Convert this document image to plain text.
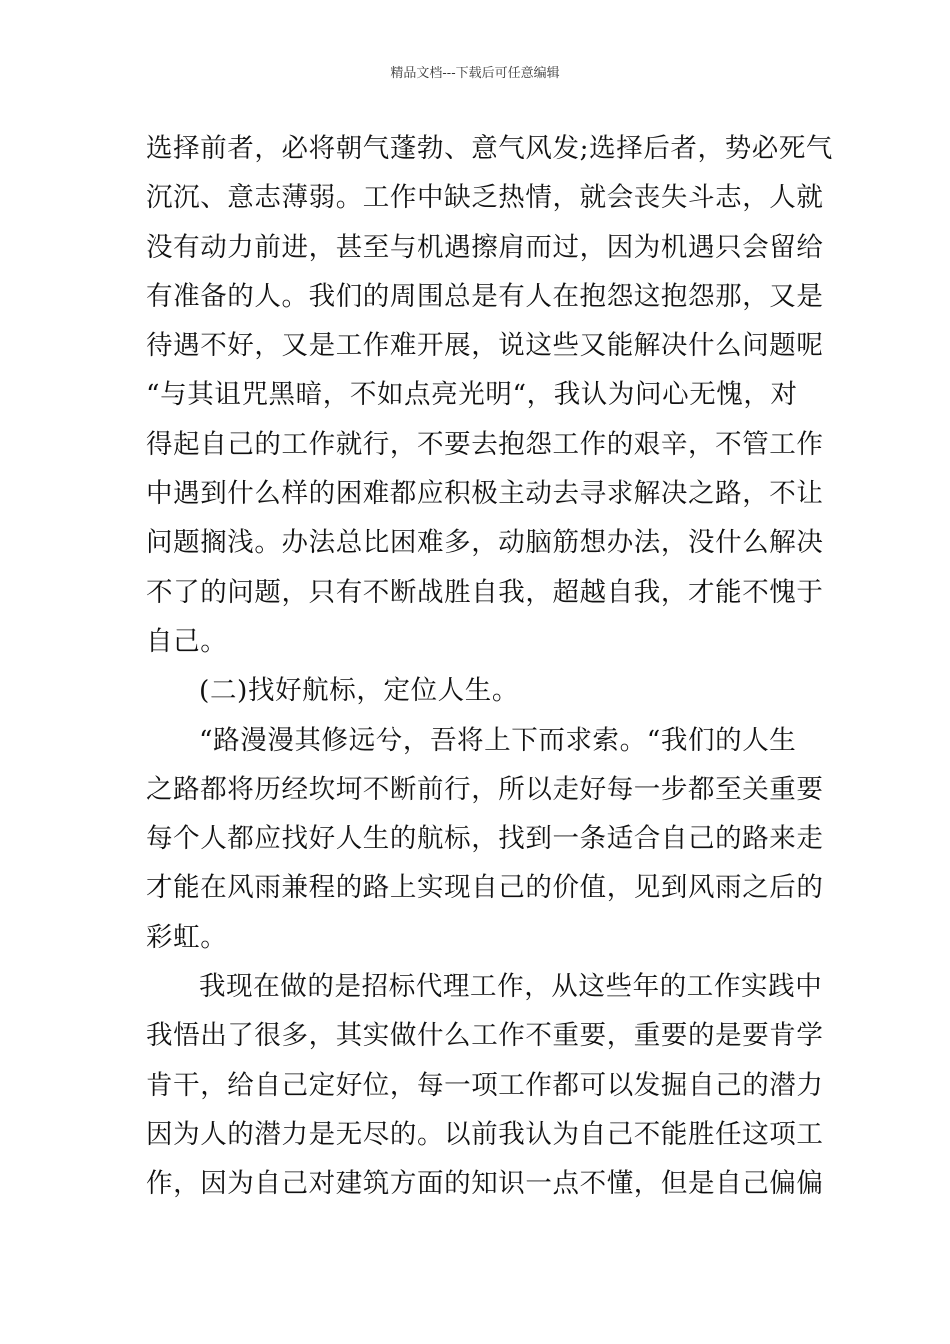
精品文档---下载后可任意编辑
选择前者，必将朝气蓬勃、意气风发;选择后者，势必死气
沉沉、意志薄弱。工作中缺乏热情，就会丧失斗志，人就
没有动力前进，甚至与机遇擦肩而过，因为机遇只会留给
有准备的人。我们的周围总是有人在抱怨这抱怨那，又是
待遇不好，又是工作难开展，说这些又能解决什么问题呢
“与其诅咒黑暗，不如点亮光明“，我认为问心无愧，对
得起自己的工作就行，不要去抱怨工作的艰辛，不管工作
中遇到什么样的困难都应积极主动去寻求解决之路，不让
问题搁浅。办法总比困难多，动脑筋想办法，没什么解决
不了的问题，只有不断战胜自我，超越自我，才能不愧于
自己。
(二)找好航标，定位人生。
“路漫漫其修远兮，吾将上下而求索。“我们的人生
之路都将历经坎坷不断前行，所以走好每一步都至关重要
每个人都应找好人生的航标，找到一条适合自己的路来走
才能在风雨兼程的路上实现自己的价值，见到风雨之后的
彩虹。
我现在做的是招标代理工作，从这些年的工作实践中
我悟出了很多，其实做什么工作不重要，重要的是要肯学
肯干，给自己定好位，每一项工作都可以发掘自己的潜力
因为人的潜力是无尽的。以前我认为自己不能胜任这项工
作，因为自己对建筑方面的知识一点不懂，但是自己偏偏
